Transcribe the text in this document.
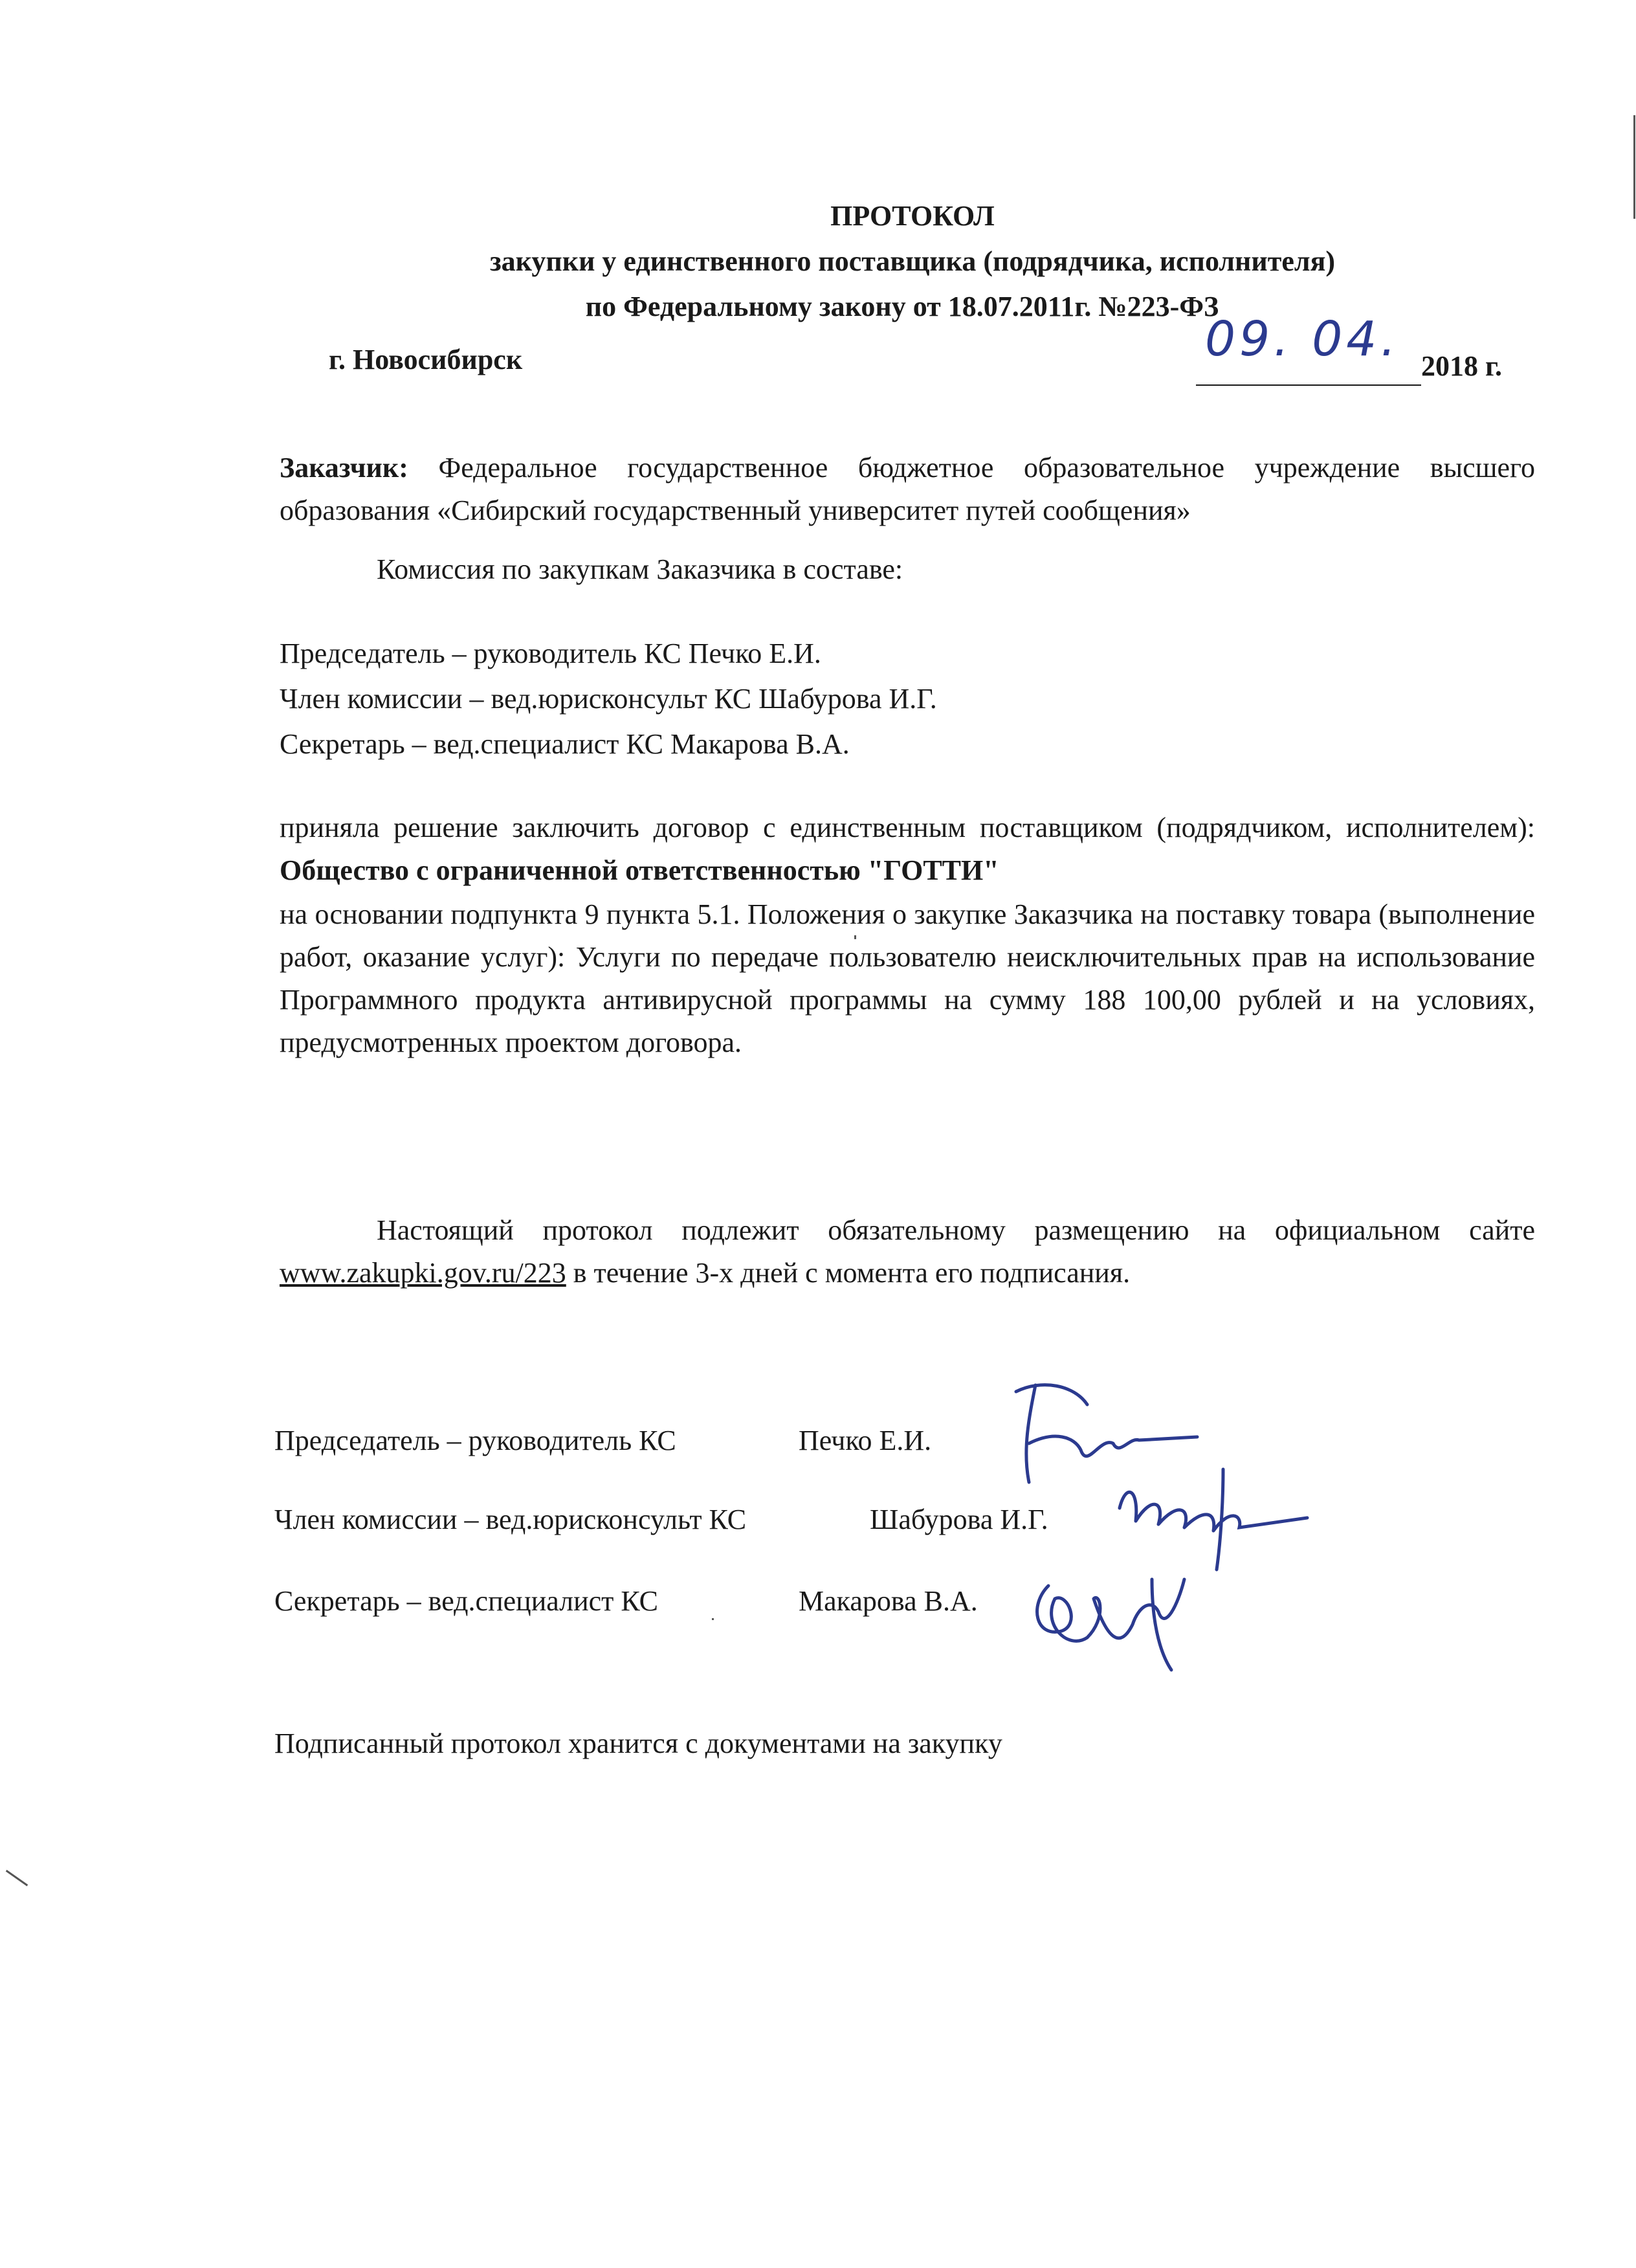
ПРОТОКОЛ
закупки у единственного поставщика (подрядчика, исполнителя)
по Федеральному закону от 18.07.2011г. №223-ФЗ
г. Новосибирск	09. 04. 2018 г.
Заказчик: Федеральное государственное бюджетное образовательное учреждение высшего образования «Сибирский государственный университет путей сообщения»
Комиссия по закупкам Заказчика в составе:
Председатель – руководитель КС Печко Е.И.
Член комиссии – вед.юрисконсульт КС Шабурова И.Г.
Секретарь – вед.специалист КС Макарова В.А.
приняла решение заключить договор с единственным поставщиком (подрядчиком, исполнителем): Общество с ограниченной ответственностью "ГОТТИ"
на основании подпункта 9 пункта 5.1. Положения о закупке Заказчика на поставку товара (выполнение работ, оказание услуг): Услуги по передаче пользователю неисключительных прав на использование Программного продукта антивирусной программы на сумму 188 100,00 рублей и на условиях, предусмотренных проектом договора.
Настоящий протокол подлежит обязательному размещению на официальном сайте www.zakupki.gov.ru/223 в течение 3-х дней с момента его подписания.
Председатель – руководитель КС	Печко Е.И.
Член комиссии – вед.юрисконсульт КС	Шабурова И.Г.
Секретарь – вед.специалист КС	Макарова В.А.
Подписанный протокол хранится с документами на закупку
